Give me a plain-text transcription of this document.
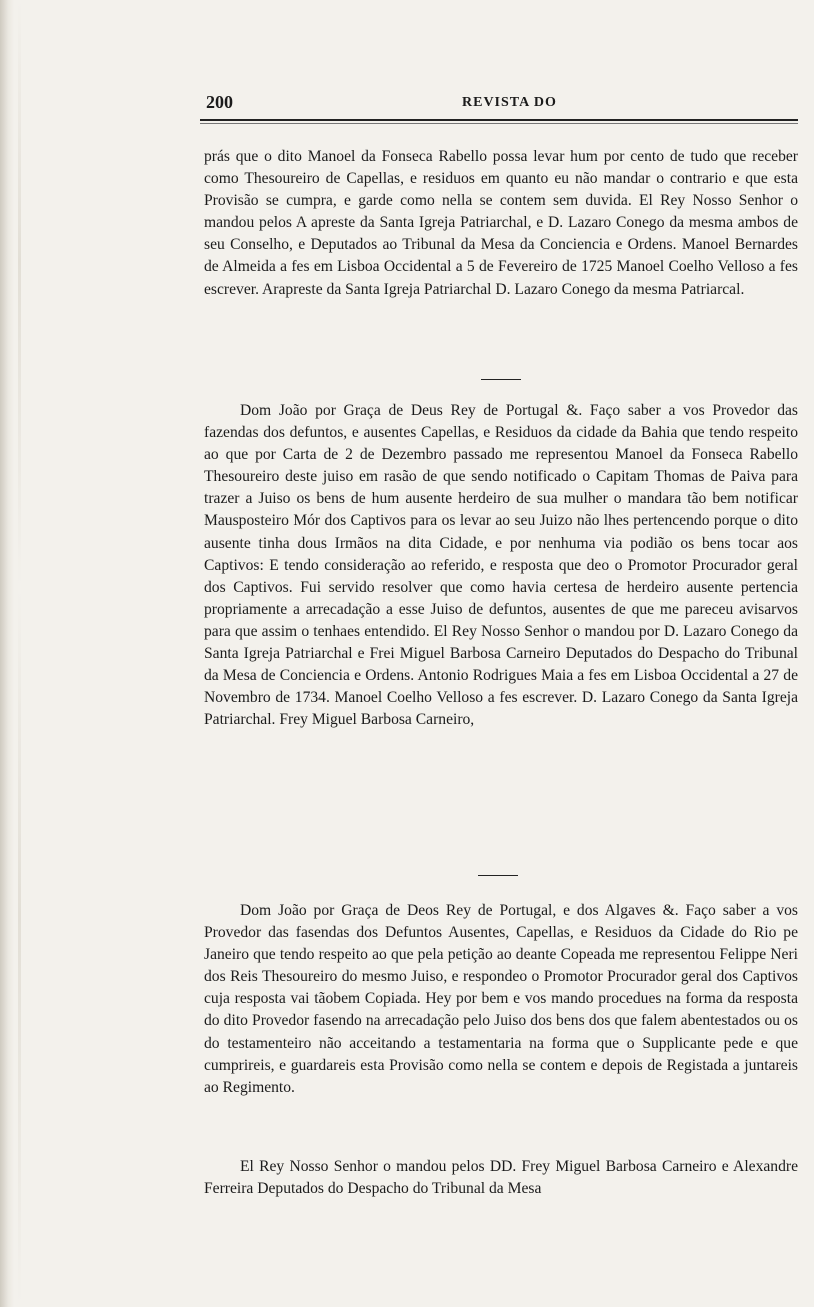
200	REVISTA DO

prás que o dito Manoel da Fonseca Rabello possa levar hum por cento de tudo que receber como Thesoureiro de Capellas, e residuos em quanto eu não mandar o contrario e que esta Provisão se cumpra, e garde como nella se contem sem duvida. El Rey Nosso Senhor o mandou pelos A apreste da Santa Igreja Patriarchal, e D. Lazaro Conego da mesma ambos de seu Conselho, e Deputados ao Tribunal da Mesa da Conciencia e Ordens. Manoel Bernardes de Almeida a fes em Lisboa Occidental a 5 de Fevereiro de 1725 Manoel Coelho Velloso a fes escrever. Arapreste da Santa Igreja Patriarchal D. Lazaro Conego da mesma Patriarcal.

Dom João por Graça de Deus Rey de Portugal &. Faço saber a vos Provedor das fazendas dos defuntos, e ausentes Capellas, e Residuos da cidade da Bahia que tendo respeito ao que por Carta de 2 de Dezembro passado me representou Manoel da Fonseca Rabello Thesoureiro deste juiso em rasão de que sendo notificado o Capitam Thomas de Paiva para trazer a Juiso os bens de hum ausente herdeiro de sua mulher o mandara tão bem notificar Mausposteiro Mór dos Captivos para os levar ao seu Juizo não lhes pertencendo porque o dito ausente tinha dous Irmãos na dita Cidade, e por nenhuma via podião os bens tocar aos Captivos: E tendo consideração ao referido, e resposta que deo o Promotor Procurador geral dos Captivos. Fui servido resolver que como havia certesa de herdeiro ausente pertencia propriamente a arrecadação a esse Juiso de defuntos, ausentes de que me pareceu avisarvos para que assim o tenhaes entendido. El Rey Nosso Senhor o mandou por D. Lazaro Conego da Santa Igreja Patriarchal e Frei Miguel Barbosa Carneiro Deputados do Despacho do Tribunal da Mesa de Conciencia e Ordens. Antonio Rodrigues Maia a fes em Lisboa Occidental a 27 de Novembro de 1734. Manoel Coelho Velloso a fes escrever. D. Lazaro Conego da Santa Igreja Patriarchal. Frey Miguel Barbosa Carneiro,

Dom João por Graça de Deos Rey de Portugal, e dos Algaves &. Faço saber a vos Provedor das fasendas dos Defuntos Ausentes, Capellas, e Residuos da Cidade do Rio pe Janeiro que tendo respeito ao que pela petição ao deante Copeada me representou Felippe Neri dos Reis Thesoureiro do mesmo Juiso, e respondeo o Promotor Procurador geral dos Captivos cuja resposta vai tãobem Copiada. Hey por bem e vos mando procedues na forma da resposta do dito Provedor fasendo na arrecadação pelo Juiso dos bens dos que falem abentestados ou os do testamenteiro não acceitando a testamentaria na forma que o Supplicante pede e que cumprireis, e guardareis esta Provisão como nella se contem e depois de Registada a juntareis ao Regimento.

El Rey Nosso Senhor o mandou pelos DD. Frey Miguel Barbosa Carneiro e Alexandre Ferreira Deputados do Despacho do Tribunal da Mesa
